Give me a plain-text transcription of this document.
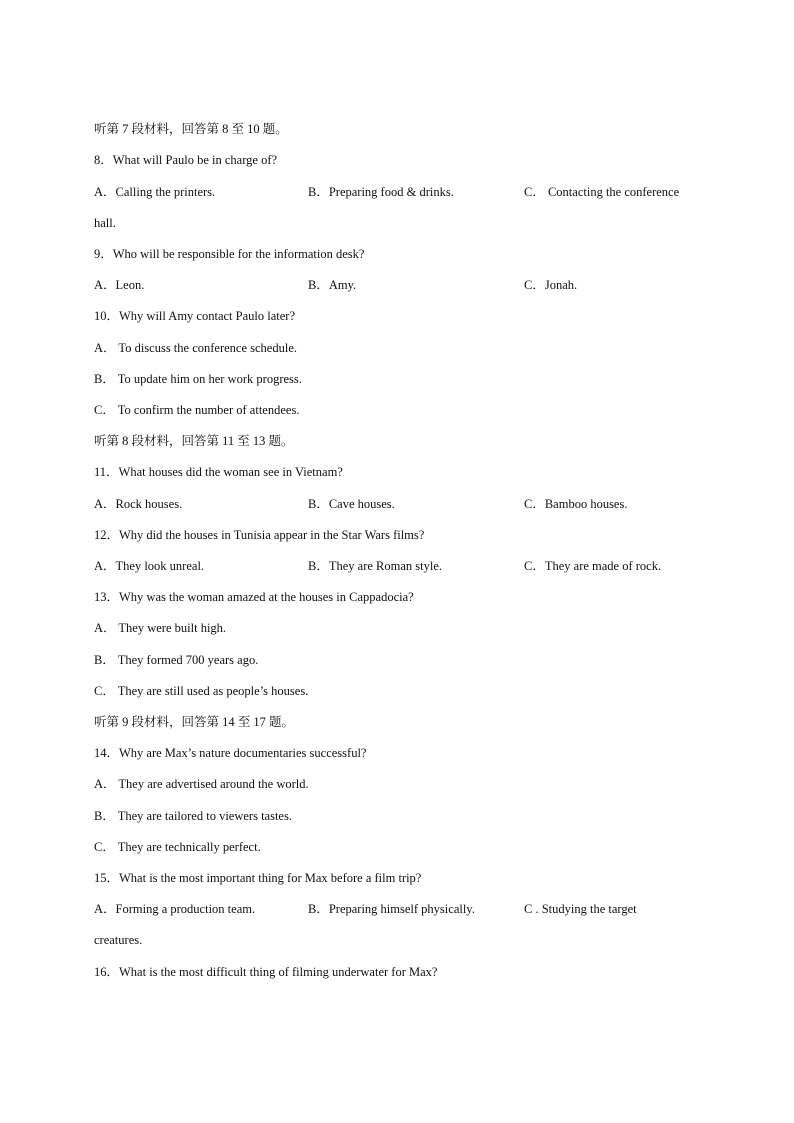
听第 7 段材料，回答第 8 至 10 题。
8．What will Paulo be in charge of?
A．Calling the printers.	B．Preparing food & drinks.	C． Contacting the conference
hall.
9．Who will be responsible for the information desk?
A．Leon.	B．Amy.	C．Jonah.
10．Why will Amy contact Paulo later?
A． To discuss the conference schedule.
B． To update him on her work progress.
C． To confirm the number of attendees.
听第 8 段材料，回答第 11 至 13 题。
11．What houses did the woman see in Vietnam?
A．Rock houses.	B．Cave houses.	C．Bamboo houses.
12．Why did the houses in Tunisia appear in the Star Wars films?
A．They look unreal.	B．They are Roman style.	C．They are made of rock.
13．Why was the woman amazed at the houses in Cappadocia?
A． They were built high.
B． They formed 700 years ago.
C． They are still used as people’s houses.
听第 9 段材料，回答第 14 至 17 题。
14．Why are Max’s nature documentaries successful?
A． They are advertised around the world.
B． They are tailored to viewers tastes.
C． They are technically perfect.
15．What is the most important thing for Max before a film trip?
A．Forming a production team.	B．Preparing himself physically.	C . Studying the target
creatures.
16．What is the most difficult thing of filming underwater for Max?
